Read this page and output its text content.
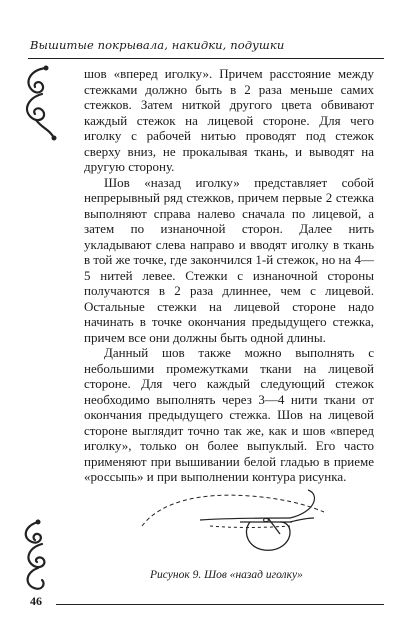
Вышитые покрывала, накидки, подушки

шов «вперед иголку». Причем расстояние между стежками должно быть в 2 раза меньше самих стежков. Затем ниткой другого цвета обвивают каждый стежок на лицевой стороне. Для чего иголку с рабочей нитью проводят под стежок сверху вниз, не прокалывая ткань, и выводят на другую сторону.

Шов «назад иголку» представляет собой непрерывный ряд стежков, причем первые 2 стежка выполняют справа налево сначала по лицевой, а затем по изнаночной сторон. Далее нить укладывают слева направо и вводят иголку в ткань в той же точке, где закончился 1-й стежок, но на 4—5 нитей левее. Стежки с изнаночной стороны получаются в 2 раза длиннее, чем с лицевой. Остальные стежки на лицевой стороне надо начинать в точке окончания предыдущего стежка, причем все они должны быть одной длины.

Данный шов также можно выполнять с небольшими промежутками ткани на лицевой стороне. Для чего каждый следующий стежок необходимо выполнять через 3—4 нити ткани от окончания предыдущего стежка. Шов на лицевой стороне выглядит точно так же, как и шов «вперед иголку», только он более выпуклый. Его часто применяют при вышивании белой гладью в приеме «россыпь» и при выполнении контура рисунка.

Рисунок 9. Шов «назад иголку»
46
